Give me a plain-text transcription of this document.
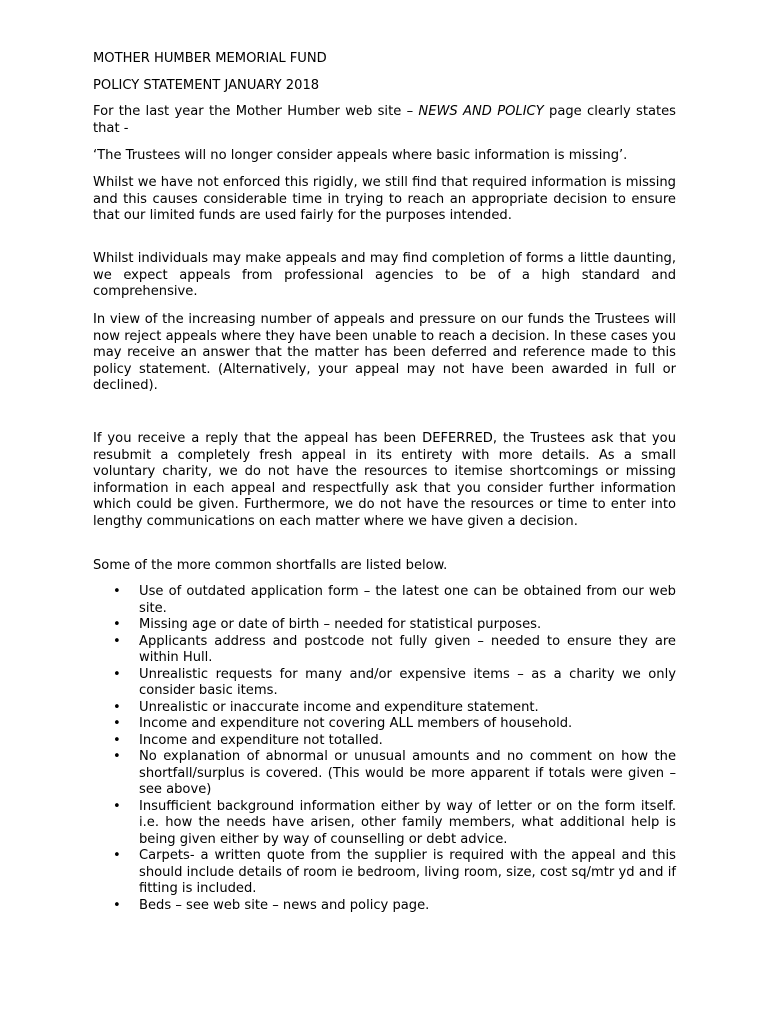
MOTHER HUMBER MEMORIAL FUND

POLICY STATEMENT JANUARY 2018

For the last year the Mother Humber web site – NEWS AND POLICY page clearly states that -

‘The Trustees will no longer consider appeals where basic information is missing’.

Whilst we have not enforced this rigidly, we still find that required information is missing and this causes considerable time in trying to reach an appropriate decision to ensure that our limited funds are used fairly for the purposes intended.

Whilst individuals may make appeals and may find completion of forms a little daunting, we expect appeals from professional agencies to be of a high standard and comprehensive.

In view of the increasing number of appeals and pressure on our funds the Trustees will now reject appeals where they have been unable to reach a decision. In these cases you may receive an answer that the matter has been deferred and reference made to this policy statement. (Alternatively, your appeal may not have been awarded in full or declined).

If you receive a reply that the appeal has been DEFERRED, the Trustees ask that you resubmit a completely fresh appeal in its entirety with more details. As a small voluntary charity, we do not have the resources to itemise shortcomings or missing information in each appeal and respectfully ask that you consider further information which could be given. Furthermore, we do not have the resources or time to enter into lengthy communications on each matter where we have given a decision.

Some of the more common shortfalls are listed below.

• Use of outdated application form – the latest one can be obtained from our web site.
• Missing age or date of birth – needed for statistical purposes.
• Applicants address and postcode not fully given – needed to ensure they are within Hull.
• Unrealistic requests for many and/or expensive items – as a charity we only consider basic items.
• Unrealistic or inaccurate income and expenditure statement.
• Income and expenditure not covering ALL members of household.
• Income and expenditure not totalled.
• No explanation of abnormal or unusual amounts and no comment on how the shortfall/surplus is covered. (This would be more apparent if totals were given – see above)
• Insufficient background information either by way of letter or on the form itself. i.e. how the needs have arisen, other family members, what additional help is being given either by way of counselling or debt advice.
• Carpets- a written quote from the supplier is required with the appeal and this should include details of room ie bedroom, living room, size, cost sq/mtr yd and if fitting is included.
• Beds – see web site – news and policy page.
